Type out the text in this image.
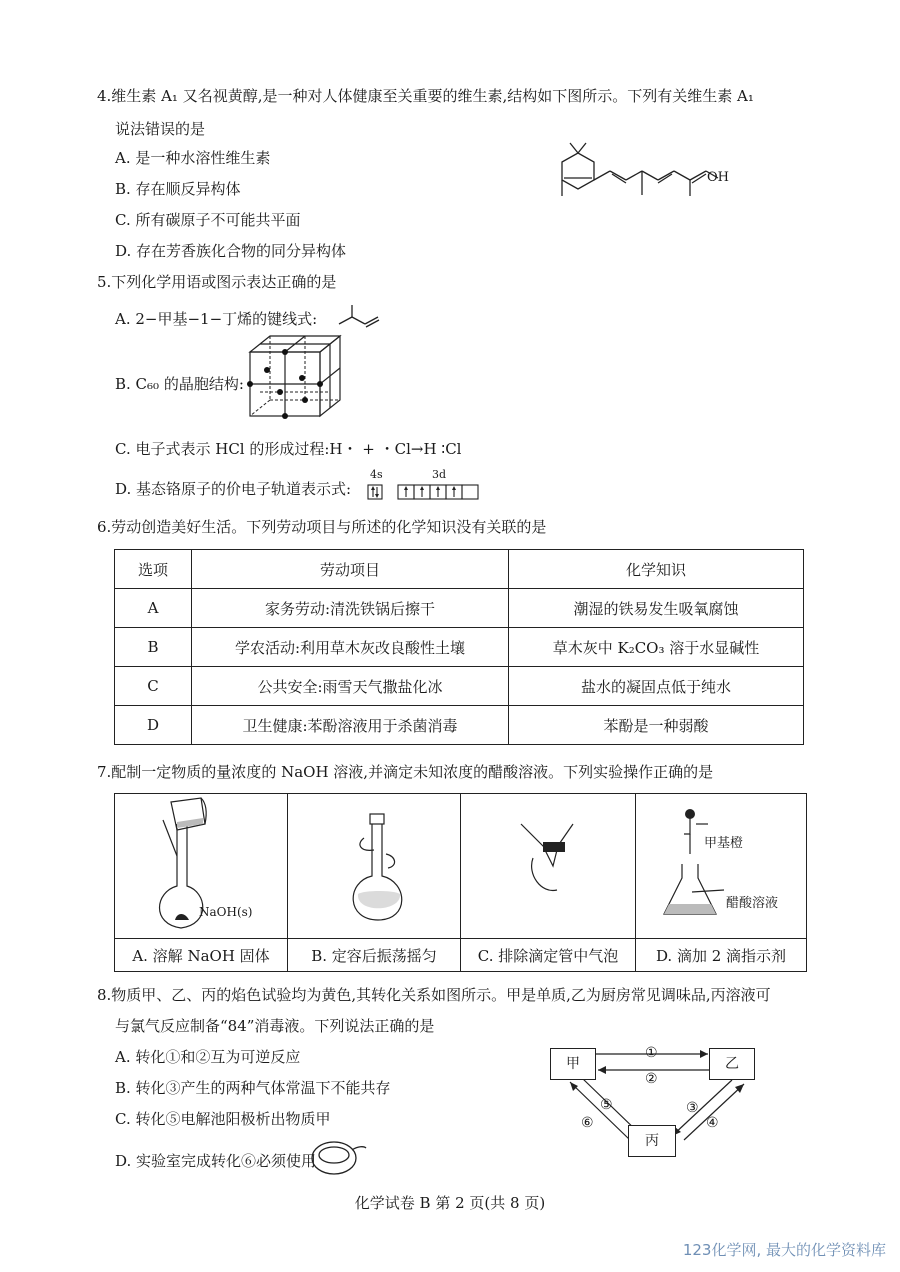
4.维生素 A₁ 又名视黄醇,是一种对人体健康至关重要的维生素,结构如下图所示。下列有关维生素 A₁
说法错误的是
A. 是一种水溶性维生素
B. 存在顺反异构体
C. 所有碳原子不可能共平面
D. 存在芳香族化合物的同分异构体
OH
5.下列化学用语或图示表达正确的是
A. 2−甲基−1−丁烯的键线式:
B. C₆₀ 的晶胞结构:
C. 电子式表示 HCl 的形成过程:H・ + ・Cl→H ∶Cl
D. 基态铬原子的价电子轨道表示式:
4s	3d
6.劳动创造美好生活。下列劳动项目与所述的化学知识没有关联的是
选项	劳动项目	化学知识
A	家务劳动:清洗铁锅后擦干	潮湿的铁易发生吸氧腐蚀
B	学农活动:利用草木灰改良酸性土壤	草木灰中 K₂CO₃ 溶于水显碱性
C	公共安全:雨雪天气撒盐化冰	盐水的凝固点低于纯水
D	卫生健康:苯酚溶液用于杀菌消毒	苯酚是一种弱酸
7.配制一定物质的量浓度的 NaOH 溶液,并滴定未知浓度的醋酸溶液。下列实验操作正确的是
NaOH(s)			甲基橙
醋酸溶液

A. 溶解 NaOH 固体	B. 定容后振荡摇匀	C. 排除滴定管中气泡	D. 滴加 2 滴指示剂
8.物质甲、乙、丙的焰色试验均为黄色,其转化关系如图所示。甲是单质,乙为厨房常见调味品,丙溶液可
与氯气反应制备“84”消毒液。下列说法正确的是
A. 转化①和②互为可逆反应
B. 转化③产生的两种气体常温下不能共存
C. 转化⑤电解池阳极析出物质甲
D. 实验室完成转化⑥必须使用
甲	乙
丙
①
②
③
④
⑤
⑥
化学试卷 B 第 2 页(共 8 页)
123化学网, 最大的化学资料库
